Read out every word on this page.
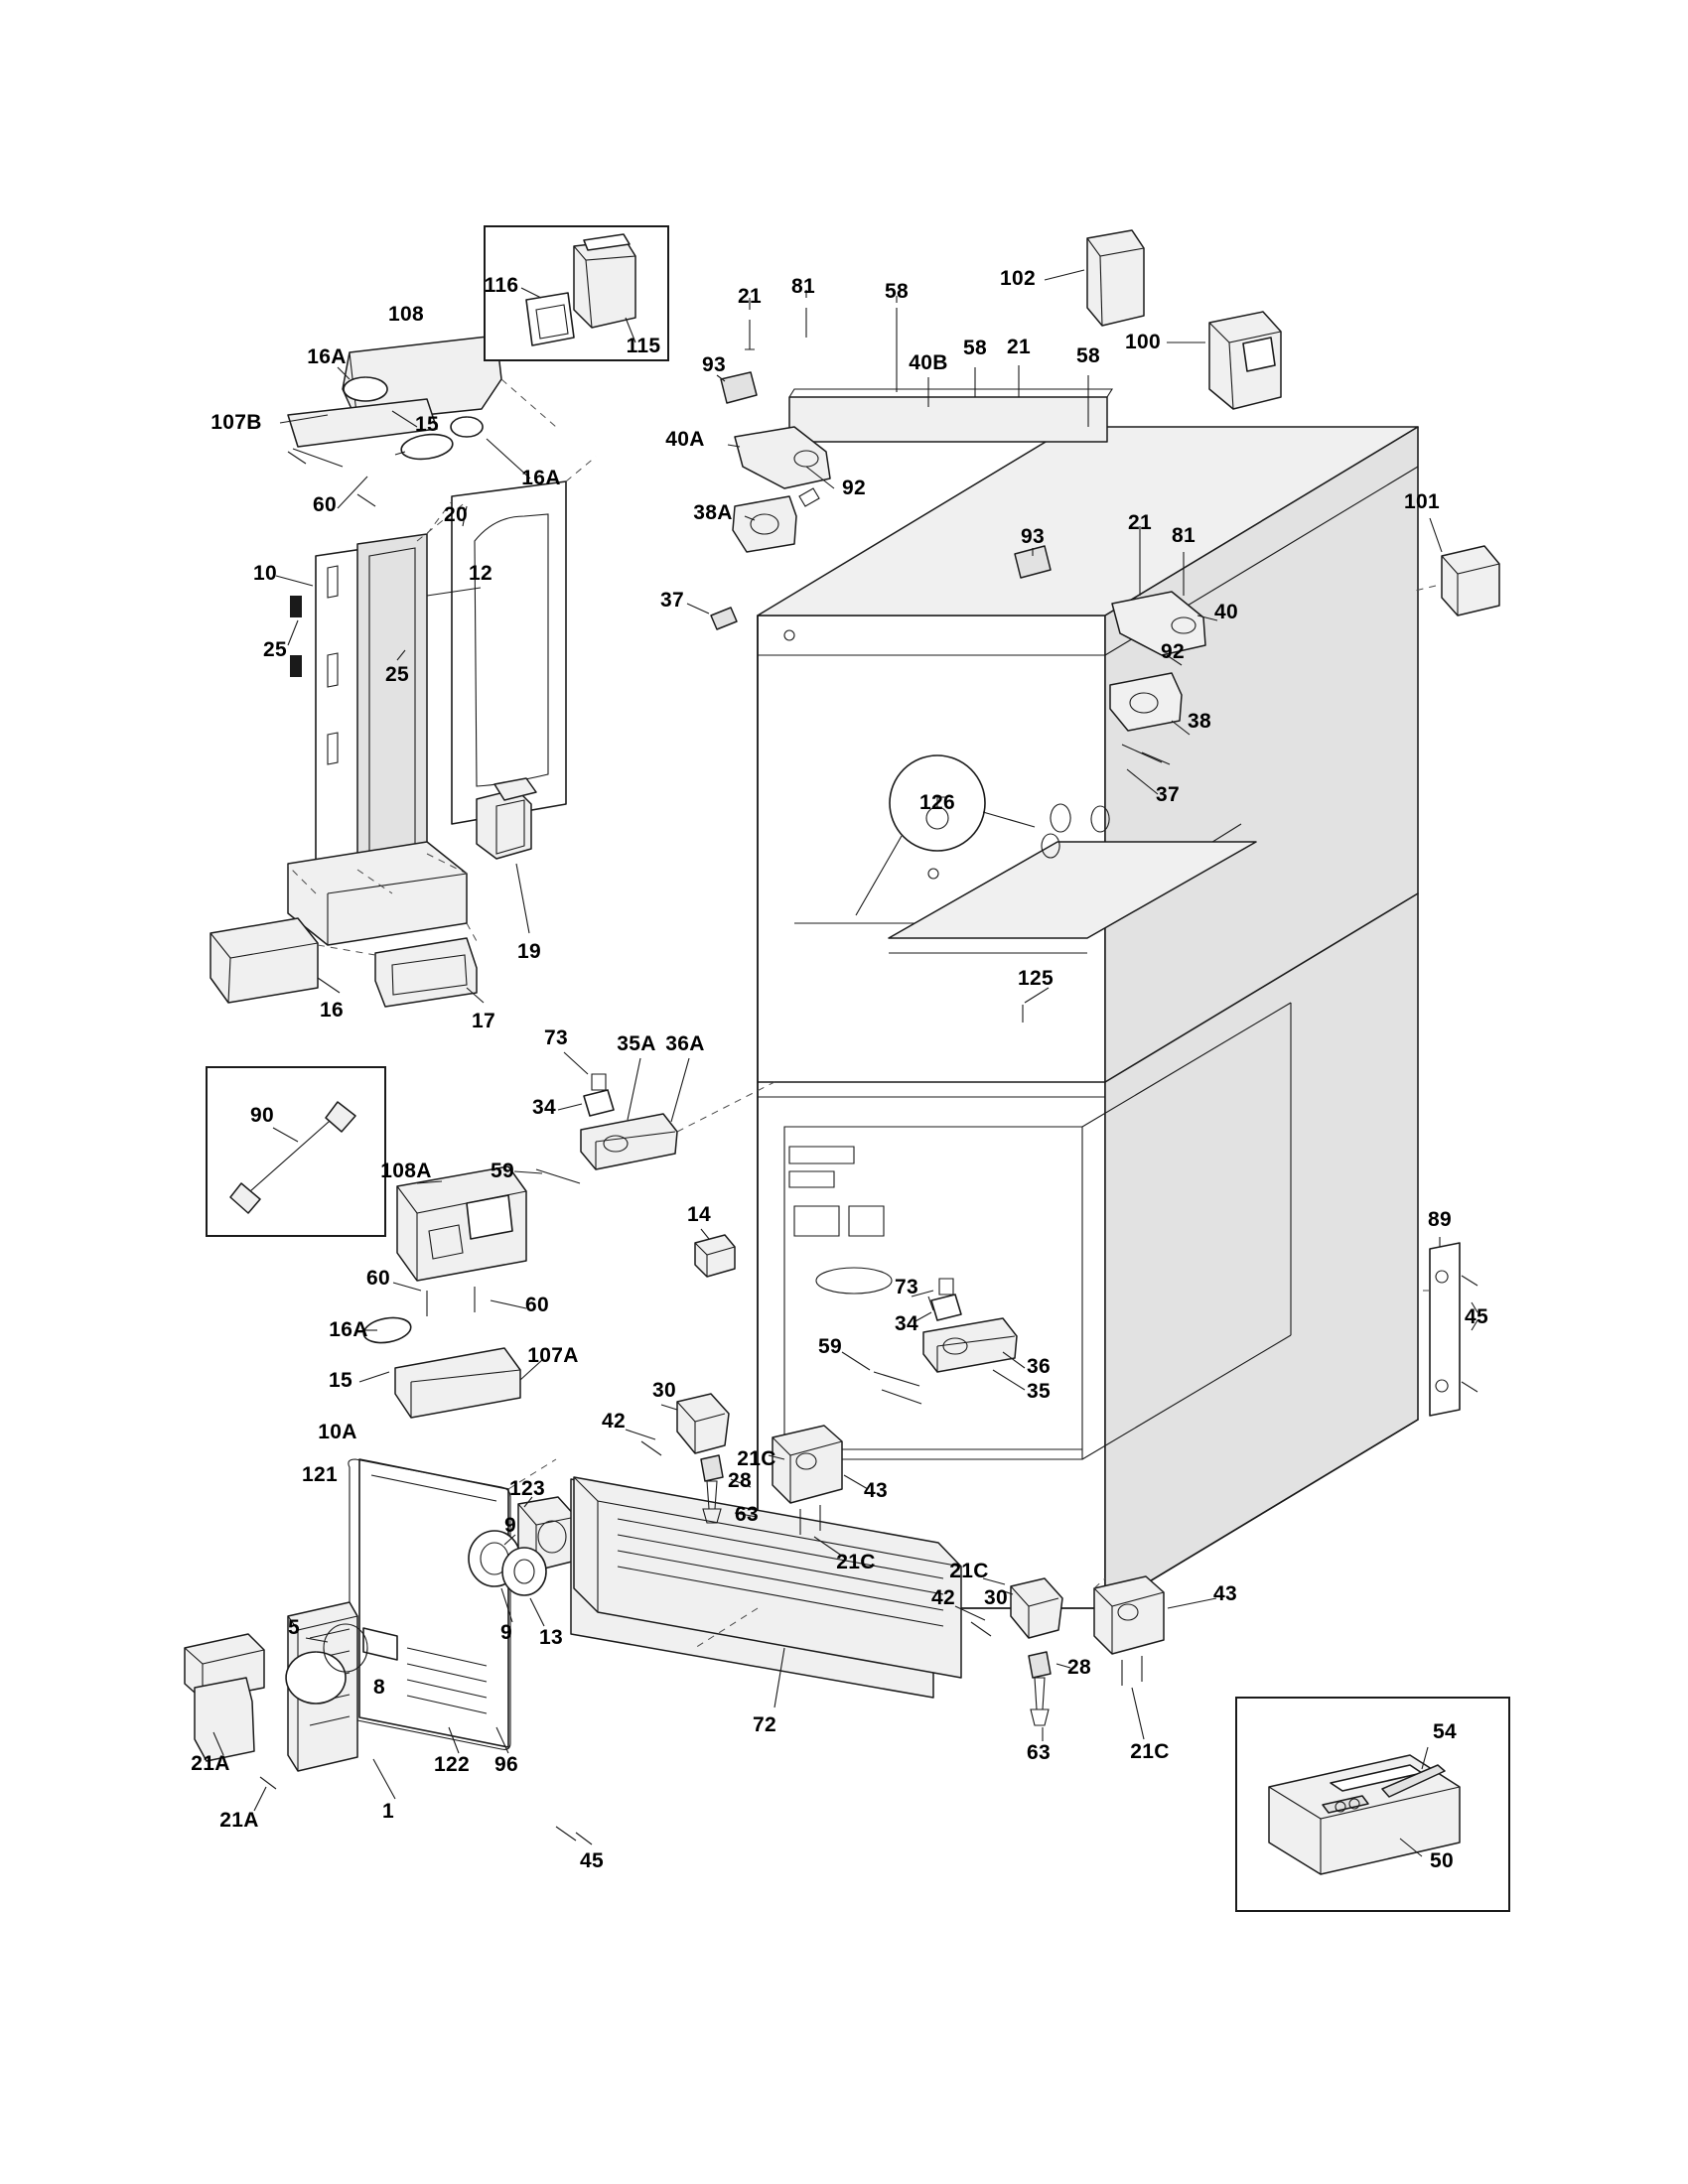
116
115
108
16A
107B	15
16A
60	20
10	12
25
25
19
16	17
21 81	58
93	40B
58 21 58
102
100
101
40A
92
38A
93
21
81
40
92
38
37
37
126
125
73 35A 36A
34
59
90
108A
60
60
16A
15
107A
14
73
34
59
36
35
30
42
21C
28
63
43
21C
10A
121
123
9
9 13
5
8
21A
21A	1
122 96
45
72
21C
42 30	43
28
63	21C
89
45
54
50
